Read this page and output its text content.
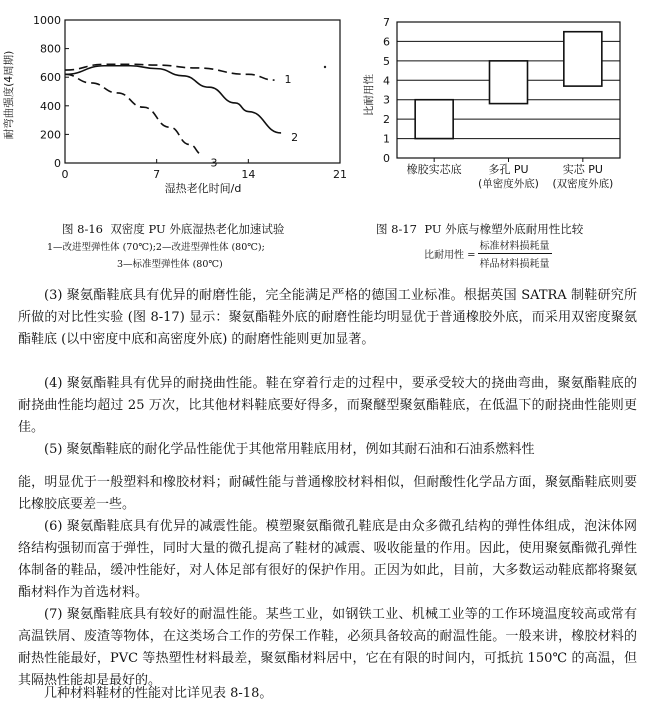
0
200
400
600
800
1000
0	7	14	21
1
2
3
耐弯曲强度(4周期)
湿热老化时间/d
0
1
2
3
4
5
6
7
橡胶实芯底 多孔 PU
(单密度外底)
实芯 PU
(双密度外底)
比耐用性
图 8-16 双密度 PU 外底湿热老化加速试验
1—改进型弹性体 (70℃);2—改进型弹性体 (80℃);
3—标准型弹性体 (80℃)
图 8-17 PU 外底与橡塑外底耐用性比较
比耐用性 = $\frac{\text{标准材料损耗量}}{\text{样品材料损耗量}}$

(3) 聚氨酯鞋底具有优异的耐磨性能，完全能满足严格的德国工业标准。根据英国 SATRA 制鞋研究所所做的对比性实验 (图 8-17) 显示：聚氨酯鞋外底的耐磨性能均明显优于普通橡胶外底，而采用双密度聚氨酯鞋底 (以中密度中底和高密度外底) 的耐磨性能则更加显著。

(4) 聚氨酯鞋具有优异的耐挠曲性能。鞋在穿着行走的过程中，要承受较大的挠曲弯曲，聚氨酯鞋底的耐挠曲性能均超过 25 万次，比其他材料鞋底要好得多，而聚醚型聚氨酯鞋底，在低温下的耐挠曲性能则更佳。

(5) 聚氨酯鞋底的耐化学品性能优于其他常用鞋底用材，例如其耐石油和石油系燃料性

能，明显优于一般塑料和橡胶材料；耐碱性能与普通橡胶材料相似，但耐酸性化学品方面，聚氨酯鞋底则要比橡胶底要差一些。

(6) 聚氨酯鞋底具有优异的减震性能。模塑聚氨酯微孔鞋底是由众多微孔结构的弹性体组成，泡沫体网络结构强韧而富于弹性，同时大量的微孔提高了鞋材的减震、吸收能量的作用。因此，使用聚氨酯微孔弹性体制备的鞋品，缓冲性能好，对人体足部有很好的保护作用。正因为如此，目前，大多数运动鞋底都将聚氨酯材料作为首选材料。

(7) 聚氨酯鞋底具有较好的耐温性能。某些工业，如钢铁工业、机械工业等的工作环境温度较高或常有高温铁屑、废渣等物体，在这类场合工作的劳保工作鞋，必须具备较高的耐温性能。一般来讲，橡胶材料的耐热性能最好，PVC 等热塑性材料最差，聚氨酯材料居中，它在有限的时间内，可抵抗 150℃ 的高温，但其隔热性能却是最好的。

几种材料鞋材的性能对比详见表 8-18。
